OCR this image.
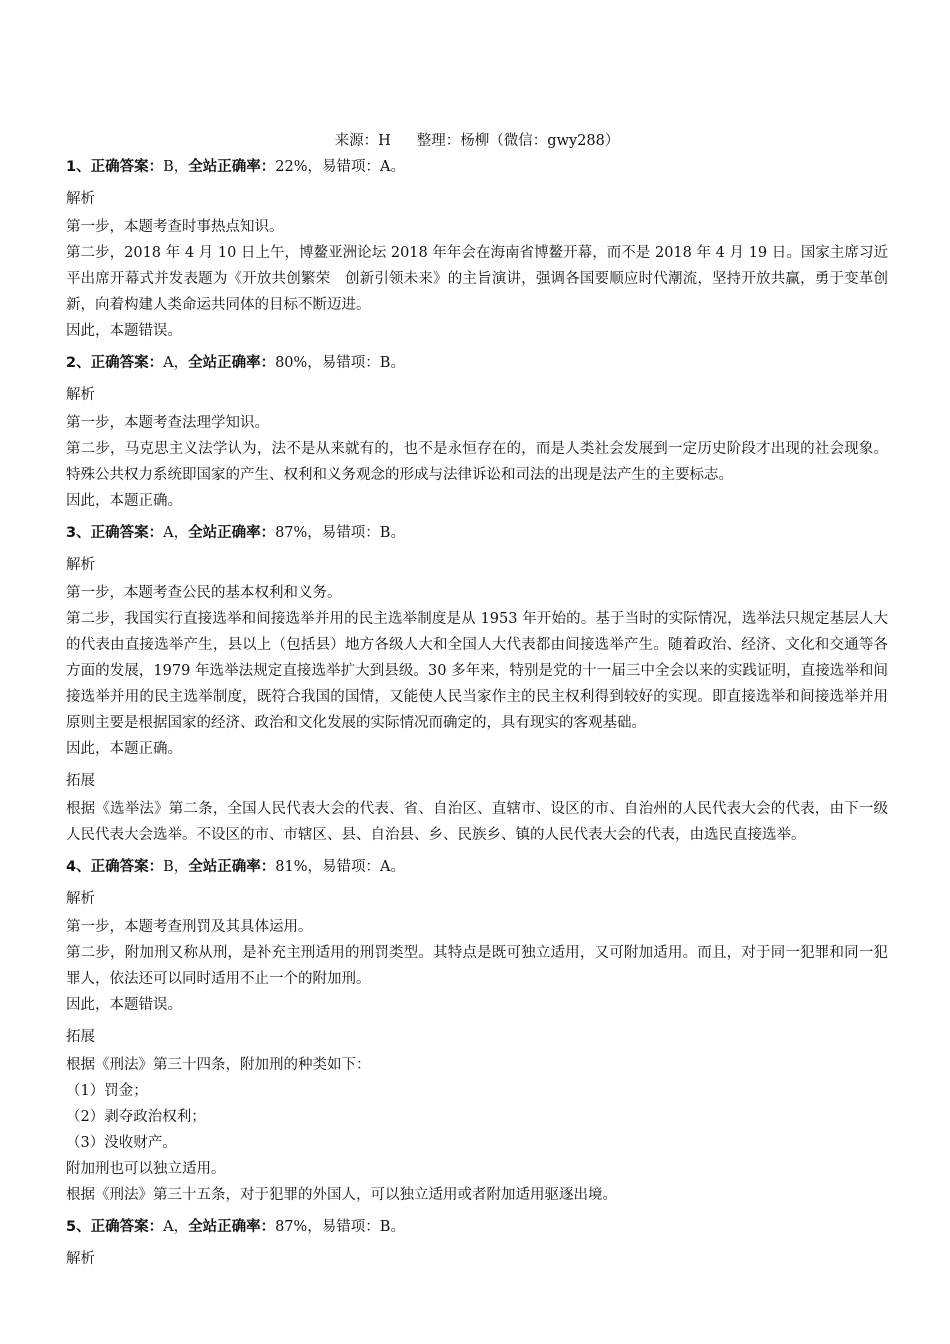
来源：H 整理：杨柳（微信：gwy288）
1、正确答案：B，全站正确率：22%，易错项：A。
解析
第一步，本题考查时事热点知识。
第二步，2018 年 4 月 10 日上午，博鳌亚洲论坛 2018 年年会在海南省博鳌开幕，而不是 2018 年 4 月 19 日。国家主席习近平出席开幕式并发表题为《开放共创繁荣　创新引领未来》的主旨演讲，强调各国要顺应时代潮流，坚持开放共赢，勇于变革创新，向着构建人类命运共同体的目标不断迈进。
因此，本题错误。
2、正确答案：A，全站正确率：80%，易错项：B。
解析
第一步，本题考查法理学知识。
第二步，马克思主义法学认为，法不是从来就有的，也不是永恒存在的，而是人类社会发展到一定历史阶段才出现的社会现象。特殊公共权力系统即国家的产生、权利和义务观念的形成与法律诉讼和司法的出现是法产生的主要标志。
因此，本题正确。
3、正确答案：A，全站正确率：87%，易错项：B。
解析
第一步，本题考查公民的基本权利和义务。
第二步，我国实行直接选举和间接选举并用的民主选举制度是从 1953 年开始的。基于当时的实际情况，选举法只规定基层人大的代表由直接选举产生，县以上（包括县）地方各级人大和全国人大代表都由间接选举产生。随着政治、经济、文化和交通等各方面的发展，1979 年选举法规定直接选举扩大到县级。30 多年来，特别是党的十一届三中全会以来的实践证明，直接选举和间接选举并用的民主选举制度，既符合我国的国情，又能使人民当家作主的民主权利得到较好的实现。即直接选举和间接选举并用原则主要是根据国家的经济、政治和文化发展的实际情况而确定的，具有现实的客观基础。
因此，本题正确。
拓展
根据《选举法》第二条，全国人民代表大会的代表、省、自治区、直辖市、设区的市、自治州的人民代表大会的代表，由下一级人民代表大会选举。不设区的市、市辖区、县、自治县、乡、民族乡、镇的人民代表大会的代表，由选民直接选举。
4、正确答案：B，全站正确率：81%，易错项：A。
解析
第一步，本题考查刑罚及其具体运用。
第二步，附加刑又称从刑，是补充主刑适用的刑罚类型。其特点是既可独立适用，又可附加适用。而且，对于同一犯罪和同一犯罪人，依法还可以同时适用不止一个的附加刑。
因此，本题错误。
拓展
根据《刑法》第三十四条，附加刑的种类如下：
（1）罚金；
（2）剥夺政治权利；
（3）没收财产。
附加刑也可以独立适用。
根据《刑法》第三十五条，对于犯罪的外国人，可以独立适用或者附加适用驱逐出境。
5、正确答案：A，全站正确率：87%，易错项：B。
解析
